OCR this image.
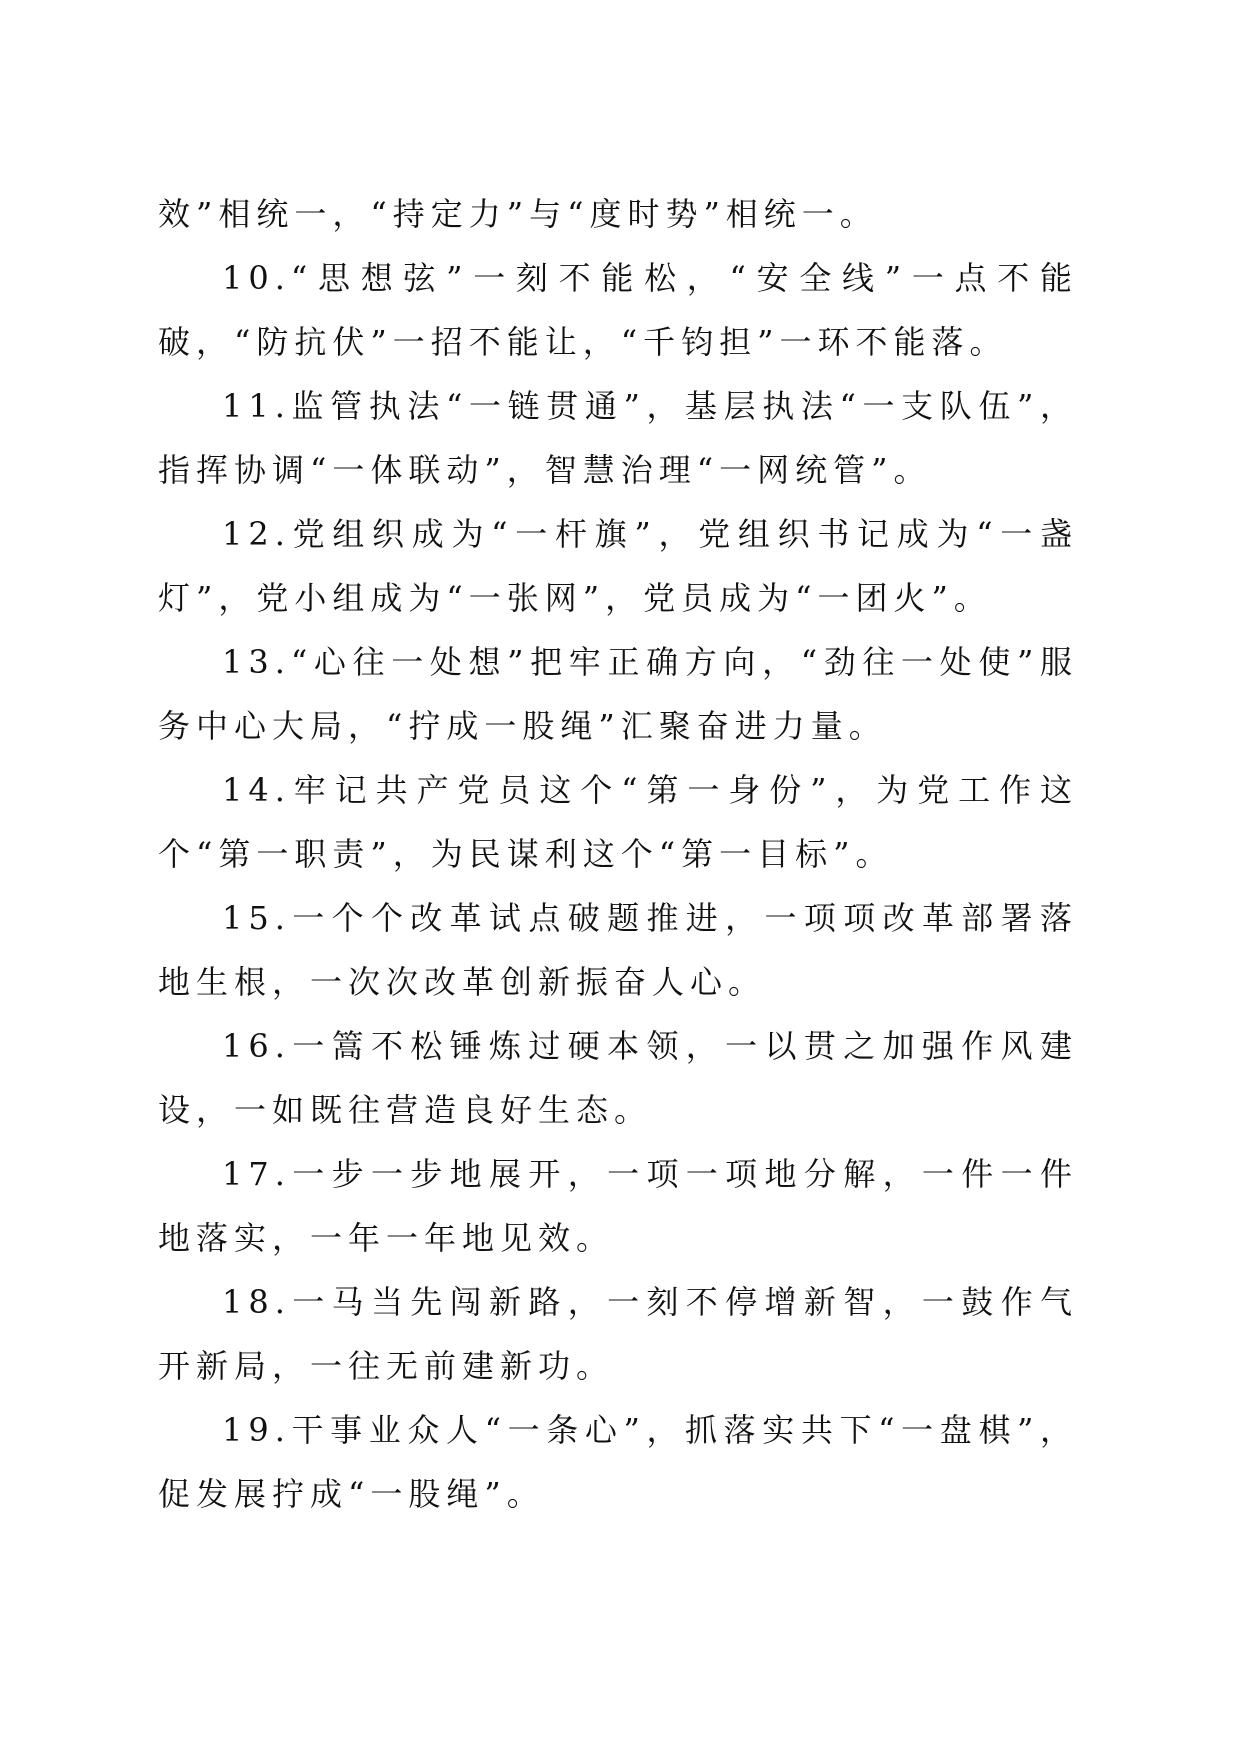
效”相统一，“持定力”与“度时势”相统一。

10.“思想弦”一刻不能松，“安全线”一点不能破，“防抗伏”一招不能让，“千钧担”一环不能落。

11.监管执法“一链贯通”，基层执法“一支队伍”，指挥协调“一体联动”，智慧治理“一网统管”。

12.党组织成为“一杆旗”，党组织书记成为“一盏灯”，党小组成为“一张网”，党员成为“一团火”。

13.“心往一处想”把牢正确方向，“劲往一处使”服务中心大局，“拧成一股绳”汇聚奋进力量。

14.牢记共产党员这个“第一身份”，为党工作这个“第一职责”，为民谋利这个“第一目标”。

15.一个个改革试点破题推进，一项项改革部署落地生根，一次次改革创新振奋人心。

16.一篙不松锤炼过硬本领，一以贯之加强作风建设，一如既往营造良好生态。

17.一步一步地展开，一项一项地分解，一件一件地落实，一年一年地见效。

18.一马当先闯新路，一刻不停增新智，一鼓作气开新局，一往无前建新功。

19.干事业众人“一条心”，抓落实共下“一盘棋”，促发展拧成“一股绳”。
